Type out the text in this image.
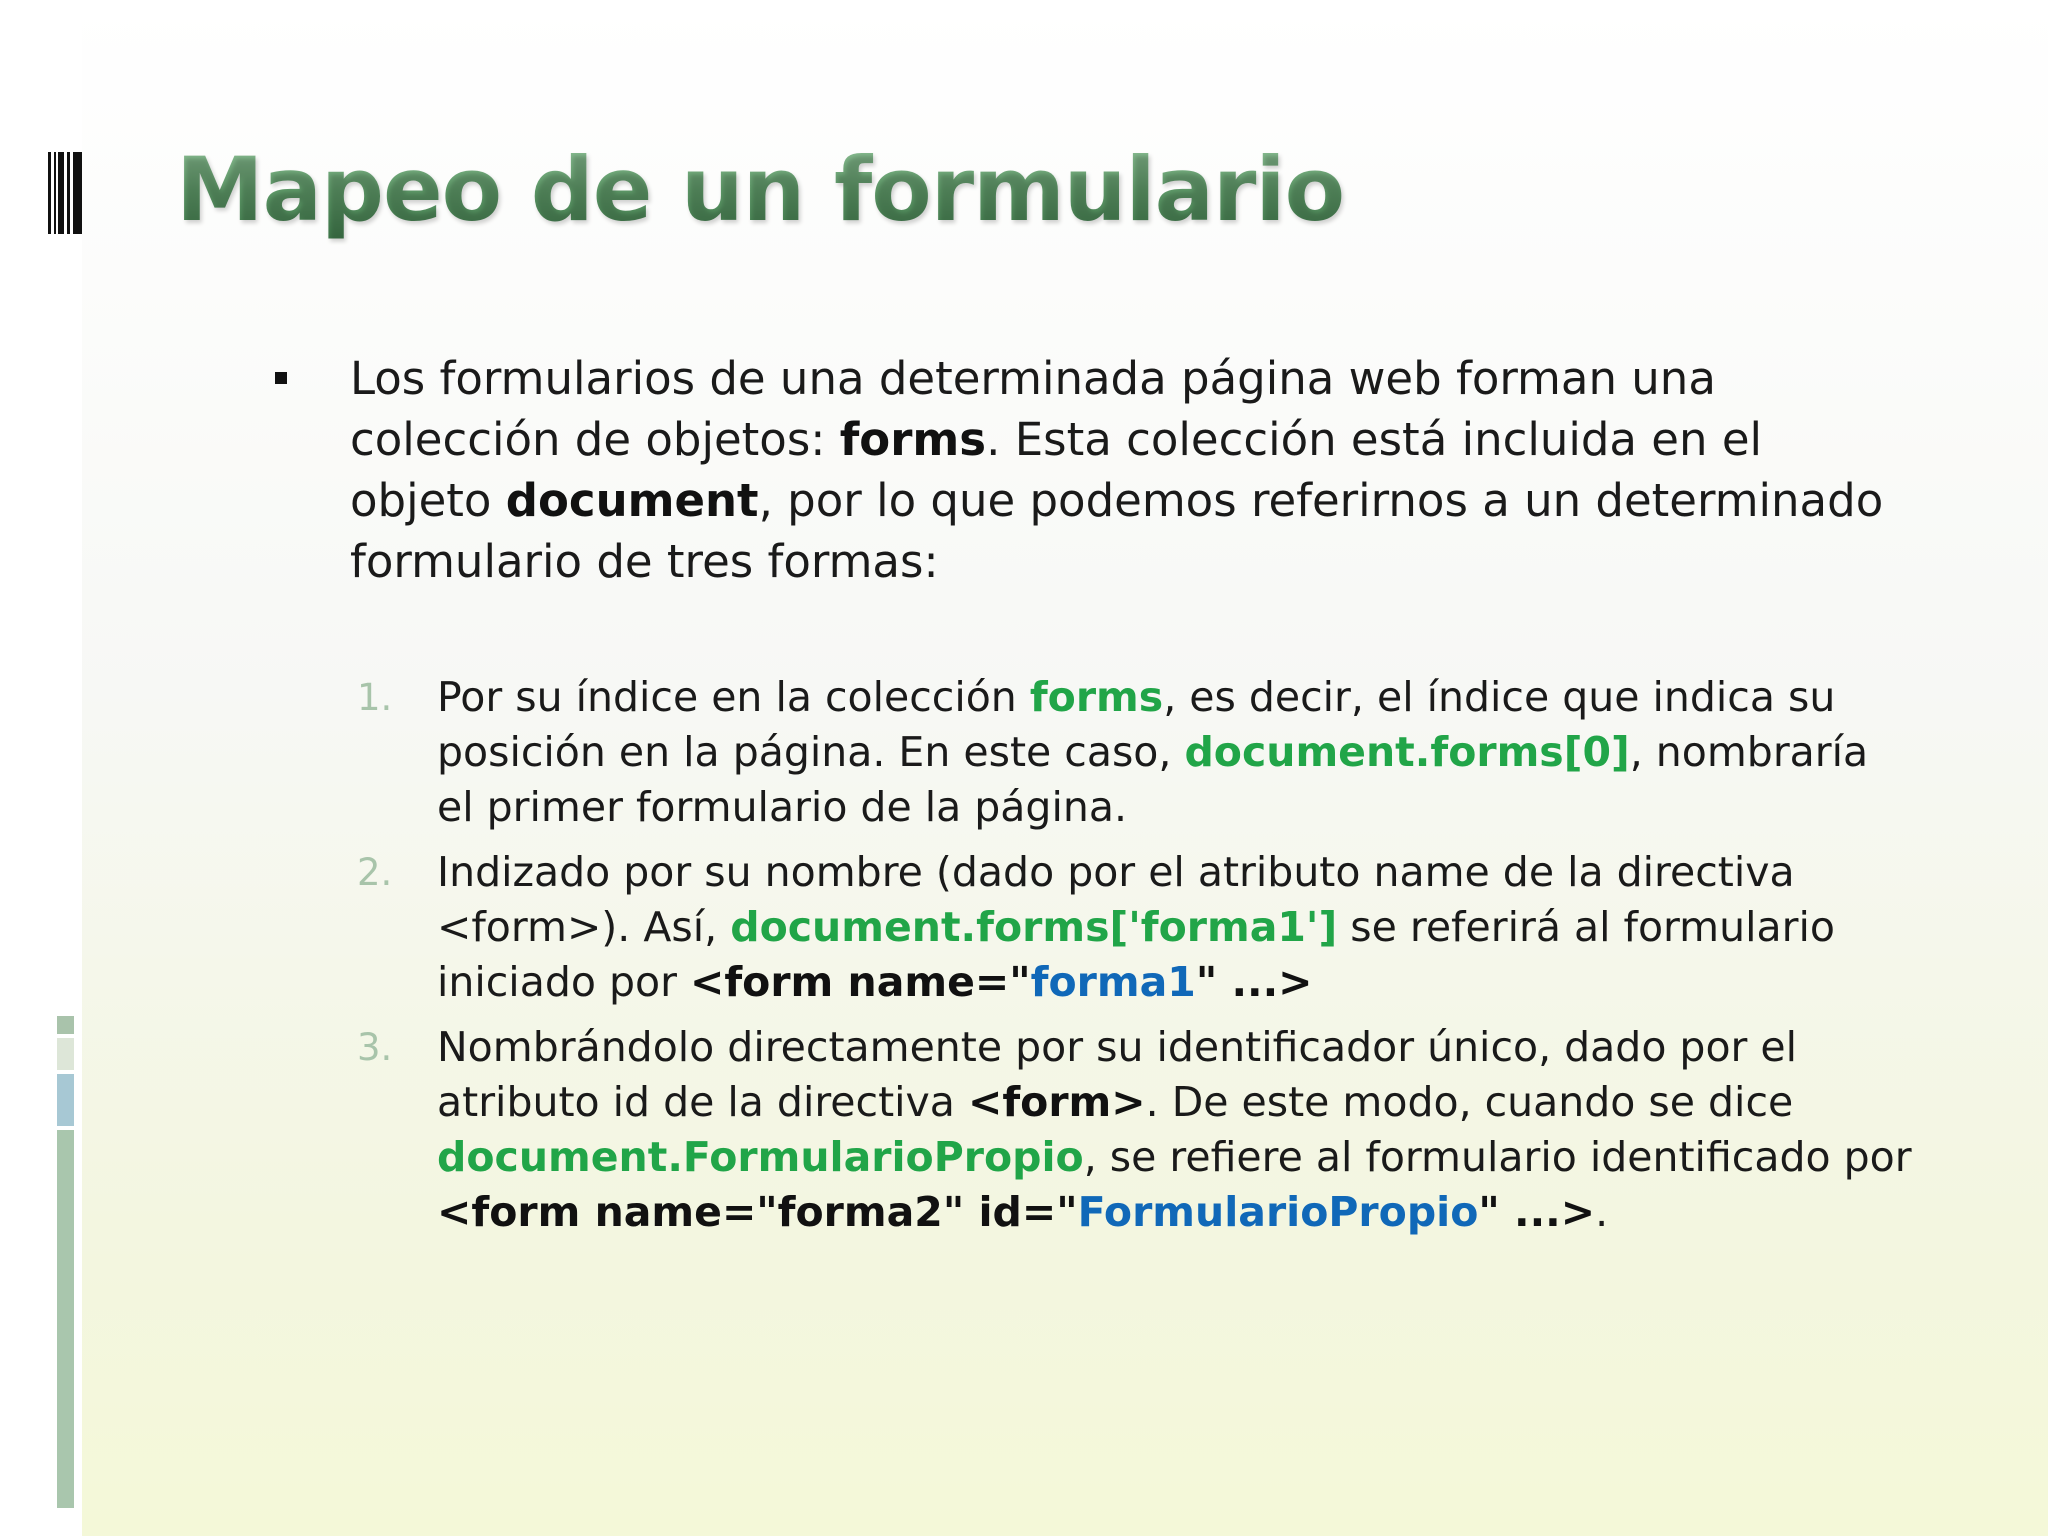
Mapeo de un formulario
Los formularios de una determinada página web forman una colección de objetos: forms. Esta colección está incluida en el objeto document, por lo que podemos referirnos a un determinado formulario de tres formas:
1. Por su índice en la colección forms, es decir, el índice que indica su posición en la página. En este caso, document.forms[0], nombraría el primer formulario de la página.
2. Indizado por su nombre (dado por el atributo name de la directiva <form>). Así, document.forms['forma1'] se referirá al formulario iniciado por <form name="forma1" ...>
3. Nombrándolo directamente por su identificador único, dado por el atributo id de la directiva <form>. De este modo, cuando se dice document.FormularioPropio, se refiere al formulario identificado por <form name="forma2" id="FormularioPropio" ...>.
